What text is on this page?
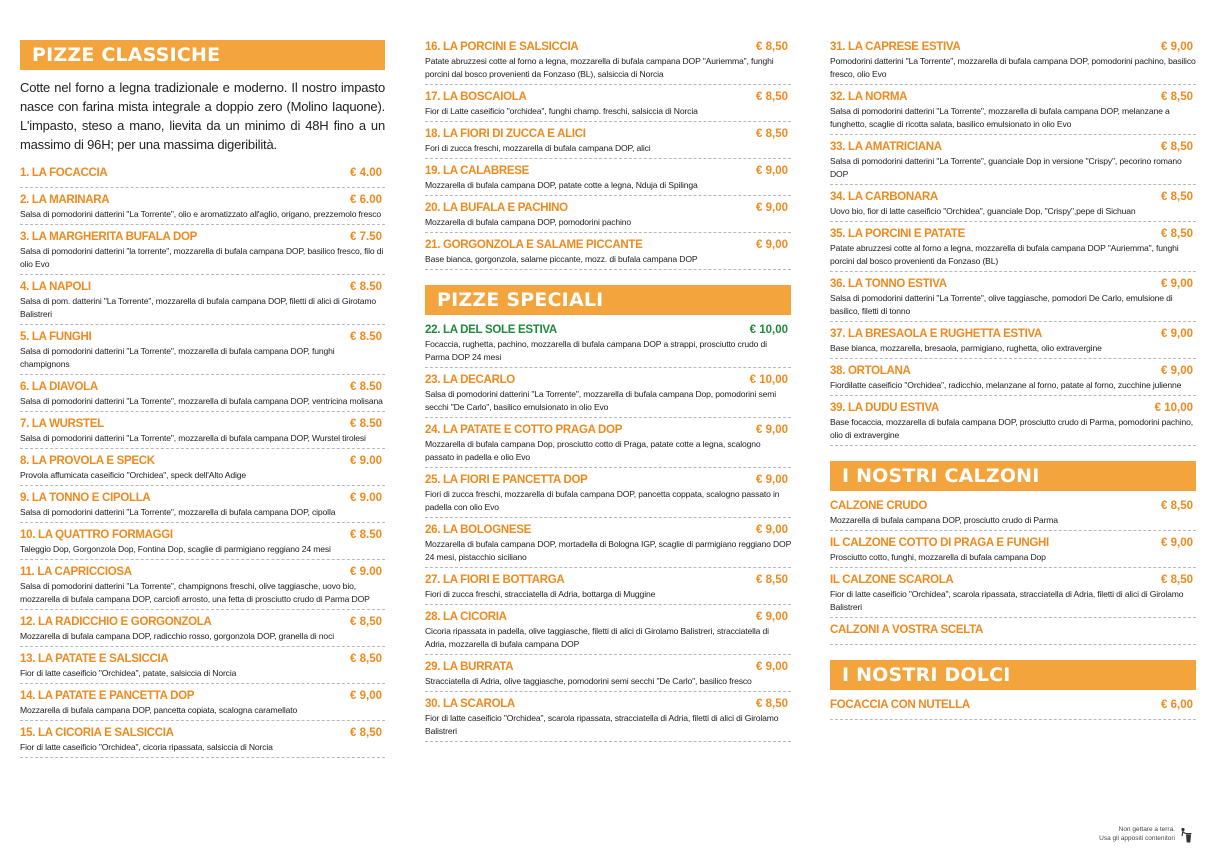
PIZZE CLASSICHE

Cotte nel forno a legna tradizionale e moderno. Il nostro impasto nasce con farina mista integrale a doppio zero (Molino Iaquone). L'impasto, steso a mano, lievita da un minimo di 48H fino a un massimo di 96H; per una massima digeribilità.

1. LA FOCACCIA	€ 4.00
2. LA MARINARA	€ 6.00
Salsa di pomodorini datterini "La Torrente", olio e aromatizzato all'aglio, origano, prezzemolo fresco
3. LA MARGHERITA BUFALA DOP	€ 7.50
Salsa di pomodorini datterini "la torrente", mozzarella di bufala campana DOP, basilico fresco, filo di olio Evo
4. LA NAPOLI	€ 8.50
Salsa di pom. datterini "La Torrente", mozzarella di bufala campana DOP, filetti di alici di Girotamo Balistreri
5. LA FUNGHI	€ 8.50
Salsa di pomodorini datterini "La Torrente", mozzarella di bufala campana DOP, funghi champignons
6. LA DIAVOLA	€ 8.50
Salsa di pomodorini datterini "La Torrente", mozzarella di bufala campana DOP, ventricina molisana
7. LA WURSTEL	€ 8.50
Salsa di pomodorini datterini "La Torrente", mozzarella di bufala campana DOP, Wurstel tirolesi
8. LA PROVOLA E SPECK	€ 9.00
Provola affumicata caseificio "Orchidea", speck dell'Alto Adige
9. LA TONNO E CIPOLLA	€ 9.00
Salsa di pomodorini datterini "La Torrente", mozzarella di bufala campana DOP, cipolla
10. LA QUATTRO FORMAGGI	€ 8.50
Taleggio Dop, Gorgonzola Dop, Fontina Dop, scaglie di parmigiano reggiano 24 mesi
11. LA CAPRICCIOSA	€ 9.00
Salsa di pomodorini datterini "La Torrente", champignons freschi, olive taggiasche, uovo bio, mozzarella di bufala campana DOP, carciofi arrosto, una fetta di prosciutto crudo di Parma DOP
12. LA RADICCHIO E GORGONZOLA	€ 8,50
Mozzarella di bufala campana DOP, radicchio rosso, gorgonzola DOP, granella di noci
13. LA PATATE E SALSICCIA	€ 8,50
Fior di latte caseificio "Orchidea", patate, salsiccia di Norcia
14. LA PATATE E PANCETTA DOP	€ 9,00
Mozzarella di bufala campana DOP, pancetta copiata, scalogna caramellato
15. LA CICORIA E SALSICCIA	€ 8,50
Fior di latte caseificio "Orchidea", cicoria ripassata, salsiccia di Norcia
16. LA PORCINI E SALSICCIA	€ 8,50
Patate abruzzesi cotte al forno a legna, mozzarella di bufala campana DOP "Auriemma", funghi porcini dal bosco provenienti da Fonzaso (BL), salsiccia di Norcia
17. LA BOSCAIOLA	€ 8,50
Fior di Latte caseificio "orchidea", funghi champ. freschi, salsiccia di Norcia
18. LA FIORI DI ZUCCA E ALICI	€ 8,50
Fori di zucca freschi, mozzarella di bufala campana DOP, alici
19. LA CALABRESE	€ 9,00
Mozzarella di bufala campana DOP, patate cotte a legna, Nduja di Spilinga
20. LA BUFALA E PACHINO	€ 9,00
Mozzarella di bufala campana DOP, pomodorini pachino
21. GORGONZOLA E SALAME PICCANTE	€ 9,00
Base bianca, gorgonzola, salame piccante, mozz. di bufala campana DOP
PIZZE SPECIALI
22. LA DEL SOLE ESTIVA	€ 10,00
Focaccia, rughetta, pachino, mozzarella di bufala campana DOP a strappi, prosciutto crudo di Parma DOP 24 mesi
23. LA DECARLO	€ 10,00
Salsa di pomodorini datterini "La Torrente", mozzarella di bufala campana Dop, pomodorini semi secchi "De Carlo", basilico emulsionato in olio Evo
24. LA PATATE E COTTO PRAGA DOP	€ 9,00
Mozzarella di bufala campana Dop, prosciutto cotto di Praga, patate cotte a legna, scalogno passato in padella e olio Evo
25. LA FIORI E PANCETTA DOP	€ 9,00
Fiori di zucca freschi, mozzarella di bufala campana DOP, pancetta coppata, scalogno passato in padella con olio Evo
26. LA BOLOGNESE	€ 9,00
Mozzarella di bufala campana DOP, mortadella di Bologna IGP, scaglie di parmigiano reggiano DOP 24 mesi, pistacchio siciliano
27. LA FIORI E BOTTARGA	€ 8,50
Fiori di zucca freschi, stracciatella di Adria, bottarga di Muggine
28. LA CICORIA	€ 9,00
Cicoria ripassata in padella, olive taggiasche, filetti di alici di Girolamo Balistreri, stracciatella di Adria, mozzarella di bufala campana DOP
29. LA BURRATA	€ 9,00
Stracciatella di Adria, olive taggiasche, pomodorini semi secchi "De Carlo", basilico fresco
30. LA SCAROLA	€ 8,50
Fior di latte caseificio "Orchidea", scarola ripassata, stracciatella di Adria, filetti di alici di Girolamo Balistreri
31. LA CAPRESE ESTIVA	€ 9,00
Pomodorini datterini "La Torrente", mozzarella di bufala campana DOP, pomodorini pachino, basilico fresco, olio Evo
32. LA NORMA	€ 8,50
Salsa di pomodorini datterini "La Torrente", mozzarella di bufala campana DOP, melanzane a funghetto, scaglie di ricotta salata, basilico emulsionato in olio Evo
33. LA AMATRICIANA	€ 8,50
Salsa di pomodorini datterini "La Torrente", guanciale Dop in versione "Crispy", pecorino romano DOP
34. LA CARBONARA	€ 8,50
Uovo bio, fior di latte caseificio "Orchidea", guanciale Dop, "Crispy",pepe di Sichuan
35. LA PORCINI E PATATE	€ 8,50
Patate abruzzesi cotte al forno a legna, mozzarella di bufala campana DOP "Auriemma", funghi porcini dal bosco provenienti da Fonzaso (BL)
36. LA TONNO ESTIVA	€ 9,00
Salsa di pomodorini datterini "La Torrente", olive taggiasche, pomodori De Carlo, emulsione di basilico, filetti di tonno
37. LA BRESAOLA E RUGHETTA ESTIVA	€ 9,00
Base bianca, mozzarella, bresaola, parmigiano, rughetta, olio extravergine
38. ORTOLANA	€ 9,00
Fiordilatte caseificio "Orchidea", radicchio, melanzane al forno, patate al forno, zucchine julienne
39. LA DUDU ESTIVA	€ 10,00
Base focaccia, mozzarella di bufala campana DOP, prosciutto crudo di Parma, pomodorini pachino, olio di extravergine
I NOSTRI CALZONI
CALZONE CRUDO	€ 8,50
Mozzarella di bufala campana DOP, prosciutto crudo di Parma
IL CALZONE COTTO DI PRAGA E FUNGHI	€ 9,00
Prosciutto cotto, funghi, mozzarella di bufala campana Dop
IL CALZONE SCAROLA	€ 8,50
Fior di latte caseificio "Orchidea", scarola ripassata, stracciatella di Adria, filetti di alici di Girolamo Balistreri
CALZONI A VOSTRA SCELTA
I NOSTRI DOLCI
FOCACCIA CON NUTELLA	€ 6,00
Non gettare a terra.
Usa gli appositi contenitori
